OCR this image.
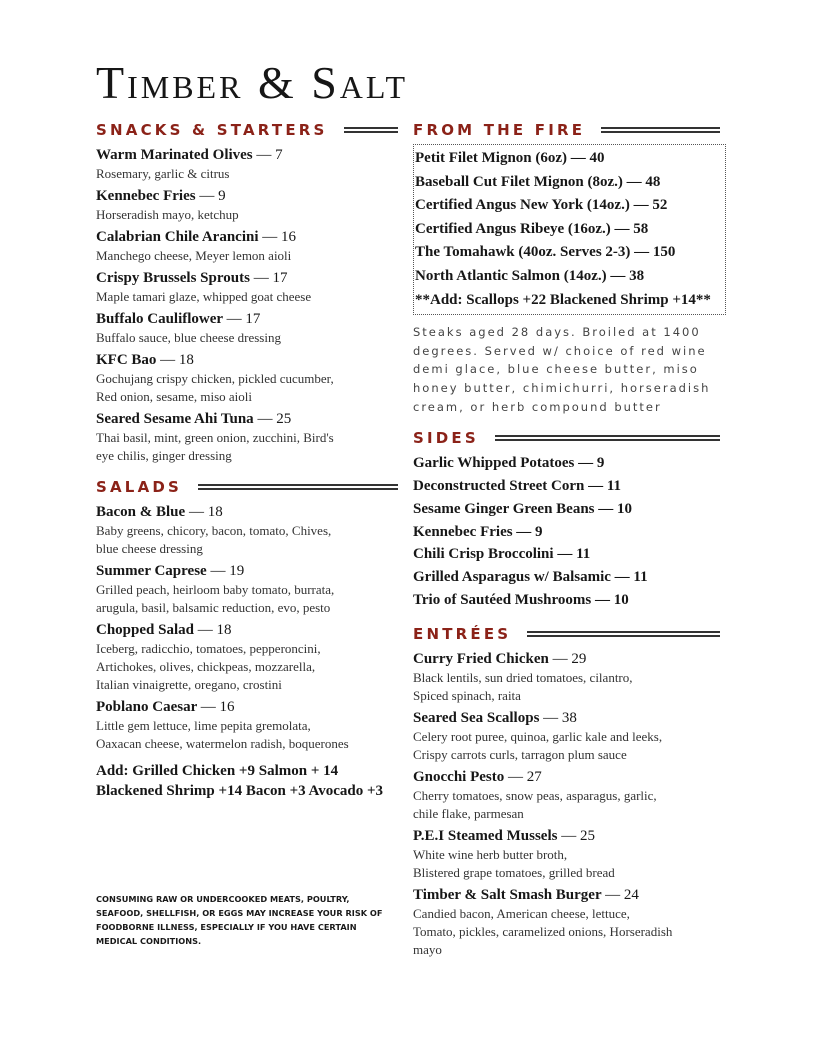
Timber & Salt
SNACKS & STARTERS
Warm Marinated Olives — 7
Rosemary, garlic & citrus
Kennebec Fries — 9
Horseradish mayo, ketchup
Calabrian Chile Arancini — 16
Manchego cheese, Meyer lemon aioli
Crispy Brussels Sprouts — 17
Maple tamari glaze, whipped goat cheese
Buffalo Cauliflower — 17
Buffalo sauce, blue cheese dressing
KFC Bao — 18
Gochujang crispy chicken, pickled cucumber,
Red onion, sesame, miso aioli
Seared Sesame Ahi Tuna — 25
Thai basil, mint, green onion, zucchini, Bird's
eye chilis, ginger dressing
SALADS
Bacon & Blue — 18
Baby greens, chicory, bacon, tomato, Chives,
blue cheese dressing
Summer Caprese — 19
Grilled peach, heirloom baby tomato, burrata,
arugula, basil, balsamic reduction, evo, pesto
Chopped Salad — 18
Iceberg, radicchio, tomatoes, pepperoncini,
Artichokes, olives, chickpeas, mozzarella,
Italian vinaigrette, oregano, crostini
Poblano Caesar — 16
Little gem lettuce, lime pepita gremolata,
Oaxacan cheese, watermelon radish, boquerones
Add: Grilled Chicken +9 Salmon + 14 Blackened Shrimp +14 Bacon +3 Avocado +3
FROM THE FIRE
Petit Filet Mignon (6oz) — 40
Baseball Cut Filet Mignon (8oz.) — 48
Certified Angus New York (14oz.) — 52
Certified Angus Ribeye (16oz.) — 58
The Tomahawk (40oz. Serves 2-3) — 150
North Atlantic Salmon (14oz.) — 38
**Add: Scallops +22 Blackened Shrimp +14**
Steaks aged 28 days. Broiled at 1400 degrees. Served w/ choice of red wine demi glace, blue cheese butter, miso honey butter, chimichurri, horseradish cream, or herb compound butter
SIDES
Garlic Whipped Potatoes — 9
Deconstructed Street Corn — 11
Sesame Ginger Green Beans — 10
Kennebec Fries — 9
Chili Crisp Broccolini — 11
Grilled Asparagus w/ Balsamic — 11
Trio of Sautéed Mushrooms — 10
ENTRÉES
Curry Fried Chicken — 29
Black lentils, sun dried tomatoes, cilantro,
Spiced spinach, raita
Seared Sea Scallops — 38
Celery root puree, quinoa, garlic kale and leeks,
Crispy carrots curls, tarragon plum sauce
Gnocchi Pesto — 27
Cherry tomatoes, snow peas, asparagus, garlic,
chile flake, parmesan
P.E.I Steamed Mussels — 25
White wine herb butter broth,
Blistered grape tomatoes, grilled bread
Timber & Salt Smash Burger — 24
Candied bacon, American cheese, lettuce,
Tomato, pickles, caramelized onions, Horseradish
mayo
CONSUMING RAW OR UNDERCOOKED MEATS, POULTRY, SEAFOOD, SHELLFISH, OR EGGS MAY INCREASE YOUR RISK OF FOODBORNE ILLNESS, ESPECIALLY IF YOU HAVE CERTAIN MEDICAL CONDITIONS.
